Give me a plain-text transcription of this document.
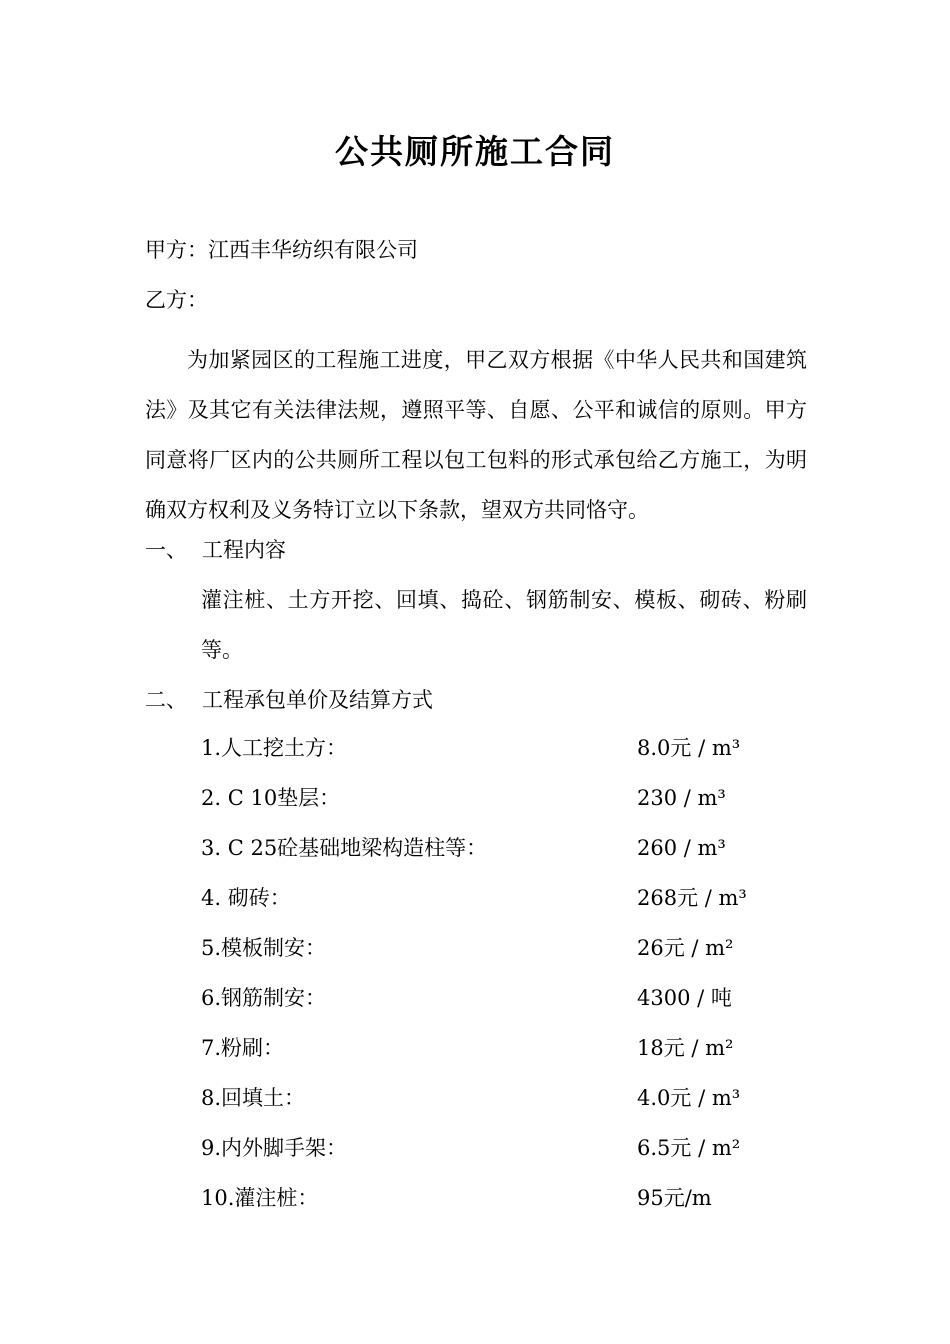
公共厕所施工合同
甲方：江西丰华纺织有限公司
乙方：
为加紧园区的工程施工进度，甲乙双方根据《中华人民共和国建筑法》及其它有关法律法规，遵照平等、自愿、公平和诚信的原则。甲方同意将厂区内的公共厕所工程以包工包料的形式承包给乙方施工，为明确双方权利及义务特订立以下条款，望双方共同恪守。
一、 工程内容
灌注桩、土方开挖、回填、捣砼、钢筋制安、模板、砌砖、粉刷等。
二、 工程承包单价及结算方式
1.人工挖土方：	8.0元 / m³
2. C 10垫层：	230 / m³
3. C 25砼基础地梁构造柱等：	260 / m³
4. 砌砖：	268元 / m³
5.模板制安：	26元 / m²
6.钢筋制安：	4300 / 吨
7.粉刷：	18元 / m²
8.回填土：	4.0元 / m³
9.内外脚手架：	6.5元 / m²
10.灌注桩：	95元/m
